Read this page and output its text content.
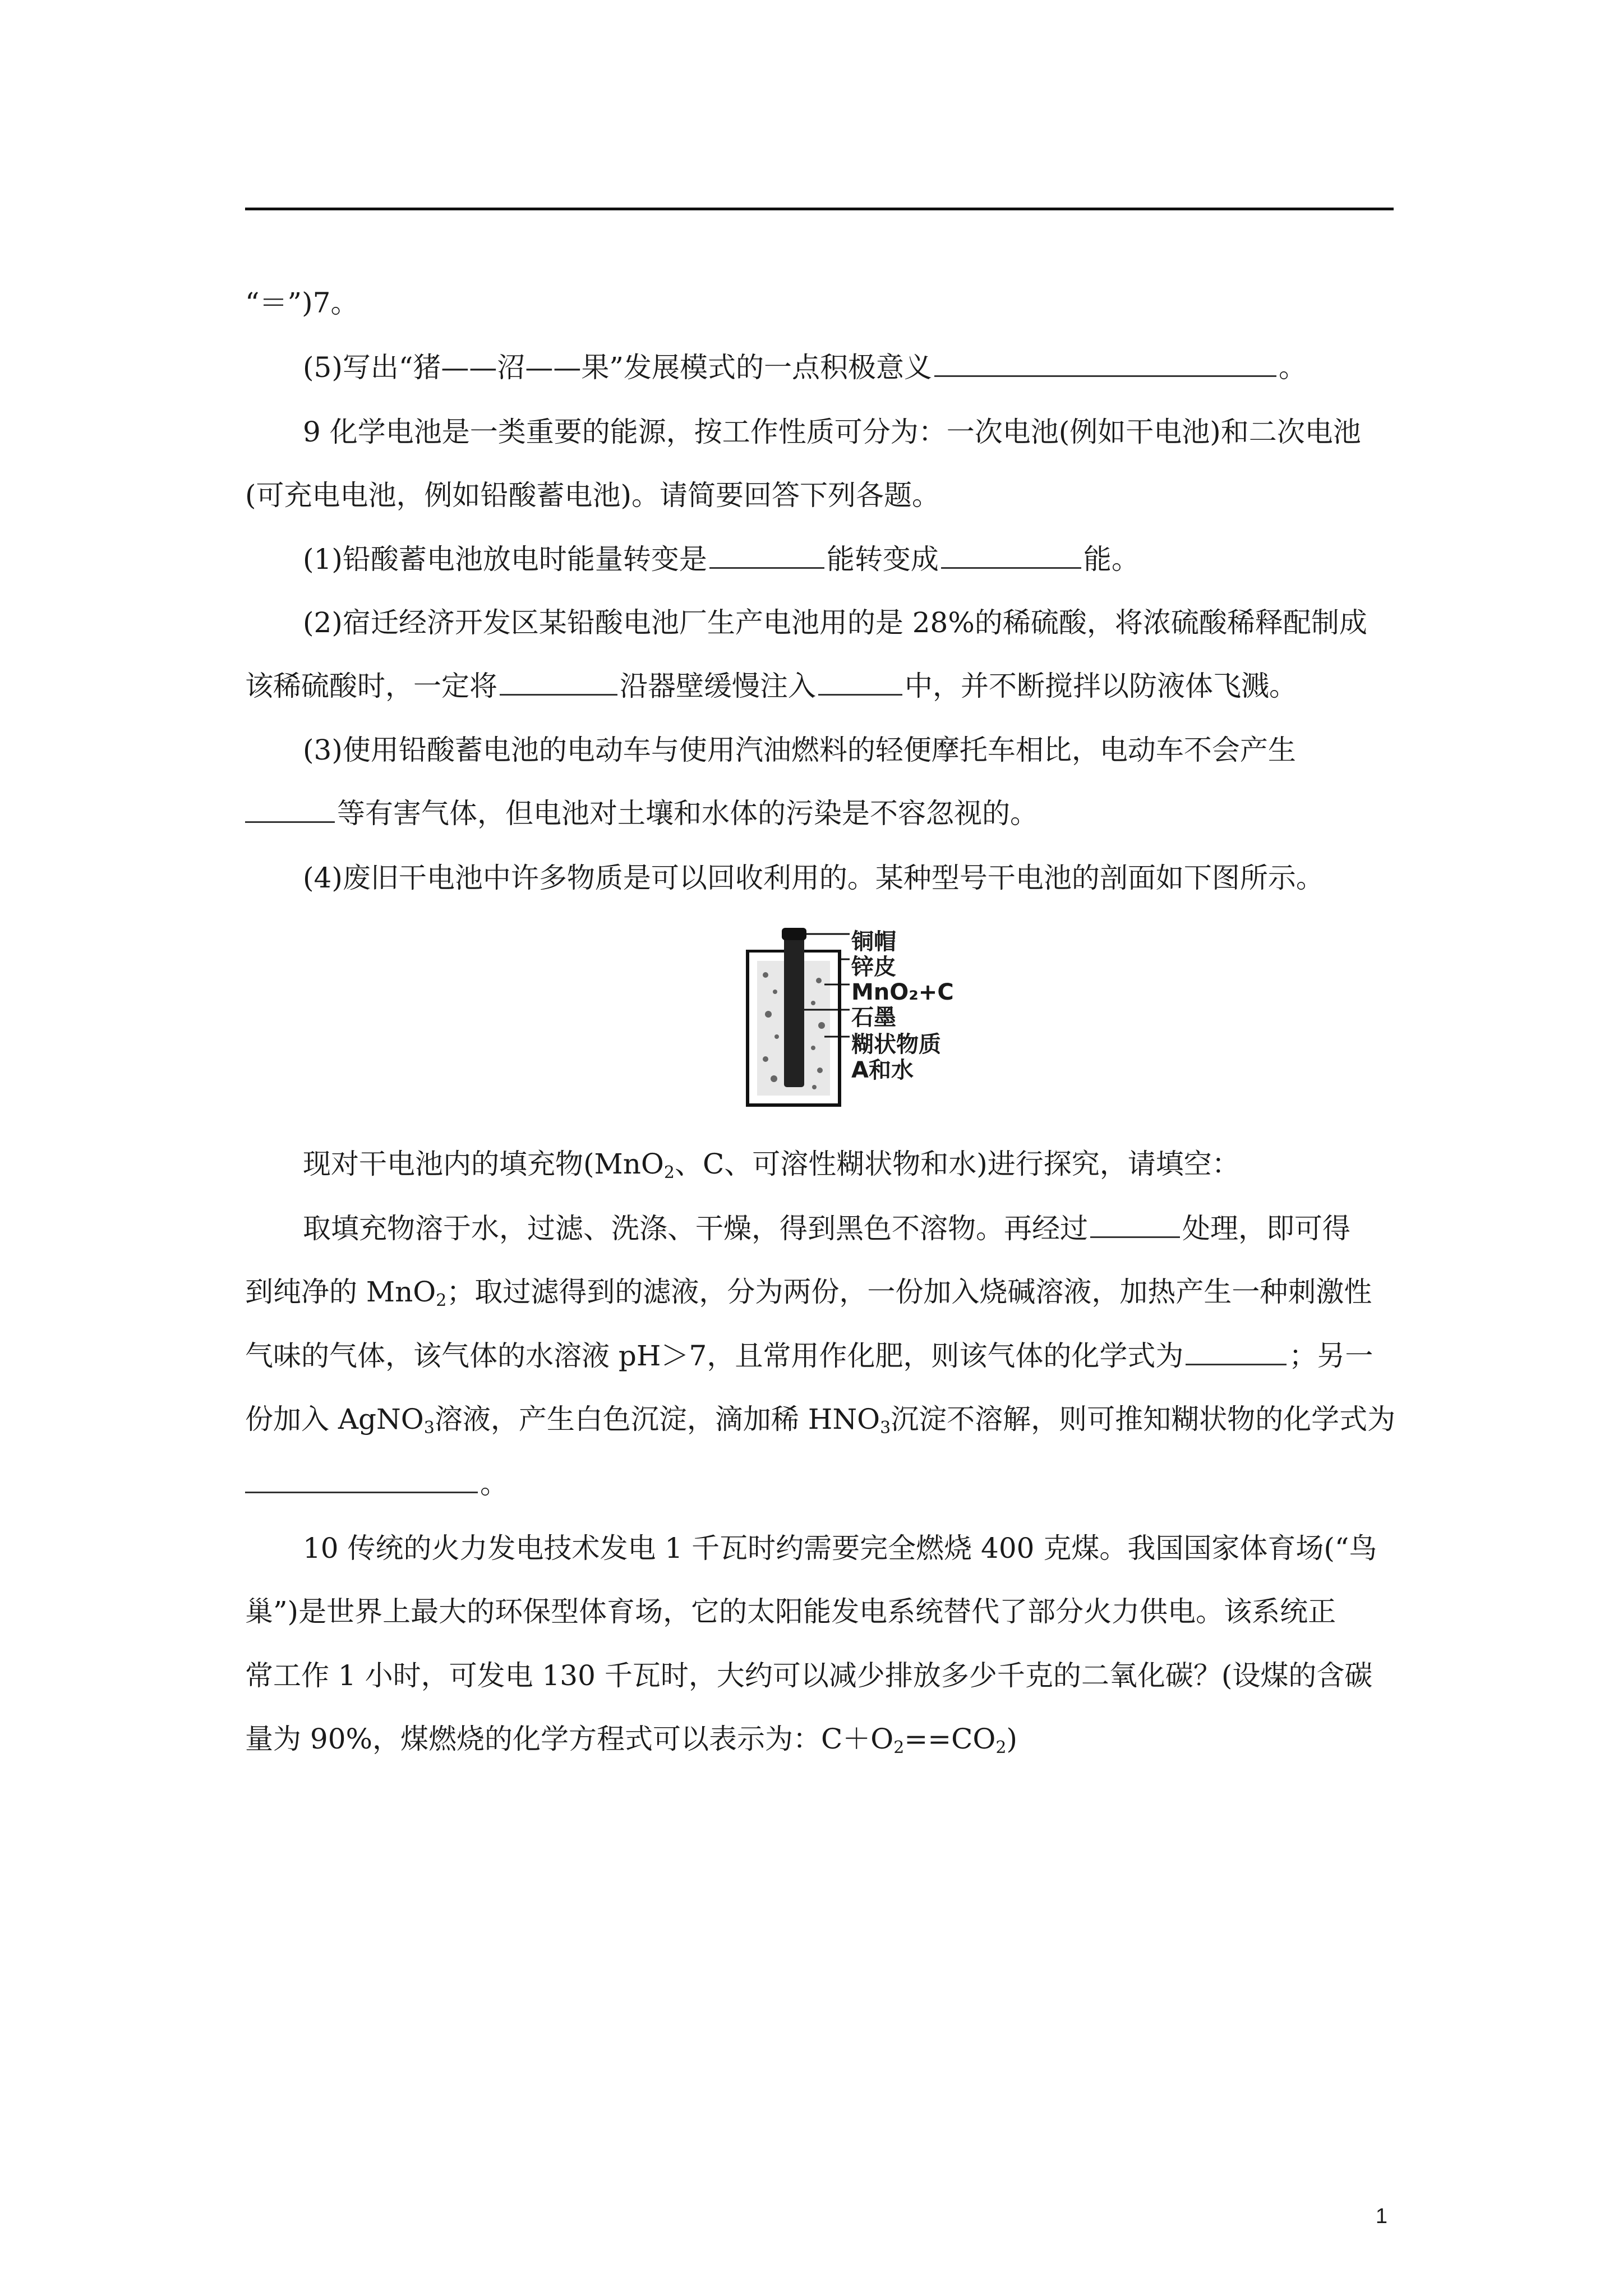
“＝”)7。
(5)写出“猪——沼——果”发展模式的一点积极意义	。
9 化学电池是一类重要的能源，按工作性质可分为：一次电池(例如干电池)和二次电池
(可充电电池，例如铅酸蓄电池)。请简要回答下列各题。
(1)铅酸蓄电池放电时能量转变是	能转变成	能。
(2)宿迁经济开发区某铅酸电池厂生产电池用的是 28%的稀硫酸，将浓硫酸稀释配制成
该稀硫酸时，一定将	沿器壁缓慢注入	中，并不断搅拌以防液体飞溅。
(3)使用铅酸蓄电池的电动车与使用汽油燃料的轻便摩托车相比，电动车不会产生
等有害气体，但电池对土壤和水体的污染是不容忽视的。
(4)废旧干电池中许多物质是可以回收利用的。某种型号干电池的剖面如下图所示。
铜帽
锌皮
MnO₂+C
石墨
糊状物质
A和水
现对干电池内的填充物(MnO$_2$、C、可溶性糊状物和水)进行探究，请填空：
取填充物溶于水，过滤、洗涤、干燥，得到黑色不溶物。再经过	处理，即可得
到纯净的 MnO$_2$；取过滤得到的滤液，分为两份，一份加入烧碱溶液，加热产生一种刺激性
气味的气体，该气体的水溶液 pH＞7，且常用作化肥，则该气体的化学式为	；另一
份加入 AgNO$_3$溶液，产生白色沉淀，滴加稀 $HNO_3$沉淀不溶解，则可推知糊状物的化学式为
。
10 传统的火力发电技术发电 1 千瓦时约需要完全燃烧 400 克煤。我国国家体育场(“鸟
巢”)是世界上最大的环保型体育场，它的太阳能发电系统替代了部分火力供电。该系统正
常工作 1 小时，可发电 130 千瓦时，大约可以减少排放多少千克的二氧化碳？(设煤的含碳
量为 90%，煤燃烧的化学方程式可以表示为：$C+O_2==CO_2$)
1
